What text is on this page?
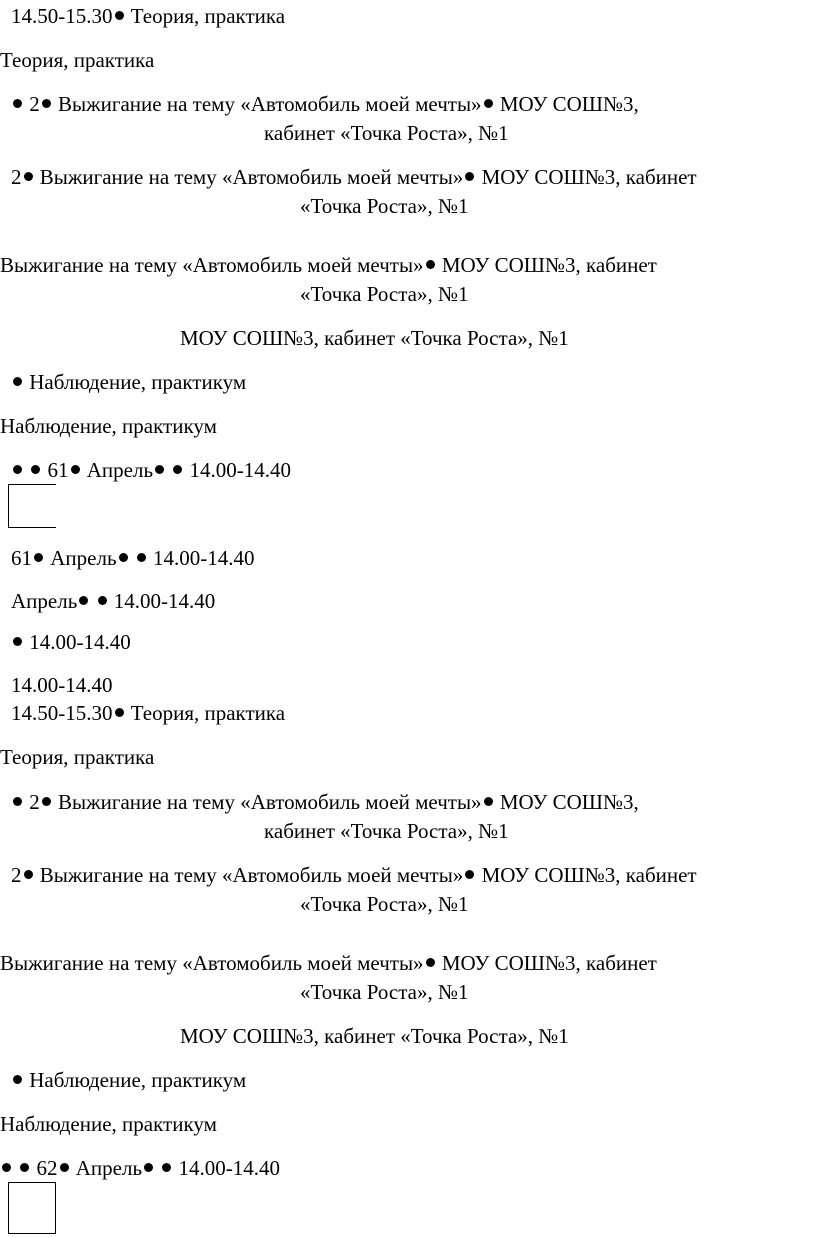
14.50-15.30 Теория, практика
Теория, практика
2 Выжигание на тему «Автомобиль моей мечты» МОУ СОШ№3,
кабинет «Точка Роста», №1
2 Выжигание на тему «Автомобиль моей мечты» МОУ СОШ№3, кабинет
«Точка Роста», №1
Выжигание на тему «Автомобиль моей мечты» МОУ СОШ№3, кабинет
«Точка Роста», №1
МОУ СОШ№3, кабинет «Точка Роста», №1
Наблюдение, практикум
Наблюдение, практикум
61 Апрель 14.00-14.40
61 Апрель 14.00-14.40
Апрель 14.00-14.40
14.00-14.40
14.00-14.40
14.50-15.30 Теория, практика
Теория, практика
2 Выжигание на тему «Автомобиль моей мечты» МОУ СОШ№3,
кабинет «Точка Роста», №1
2 Выжигание на тему «Автомобиль моей мечты» МОУ СОШ№3, кабинет
«Точка Роста», №1
Выжигание на тему «Автомобиль моей мечты» МОУ СОШ№3, кабинет
«Точка Роста», №1
МОУ СОШ№3, кабинет «Точка Роста», №1
Наблюдение, практикум
Наблюдение, практикум
62 Апрель 14.00-14.40
